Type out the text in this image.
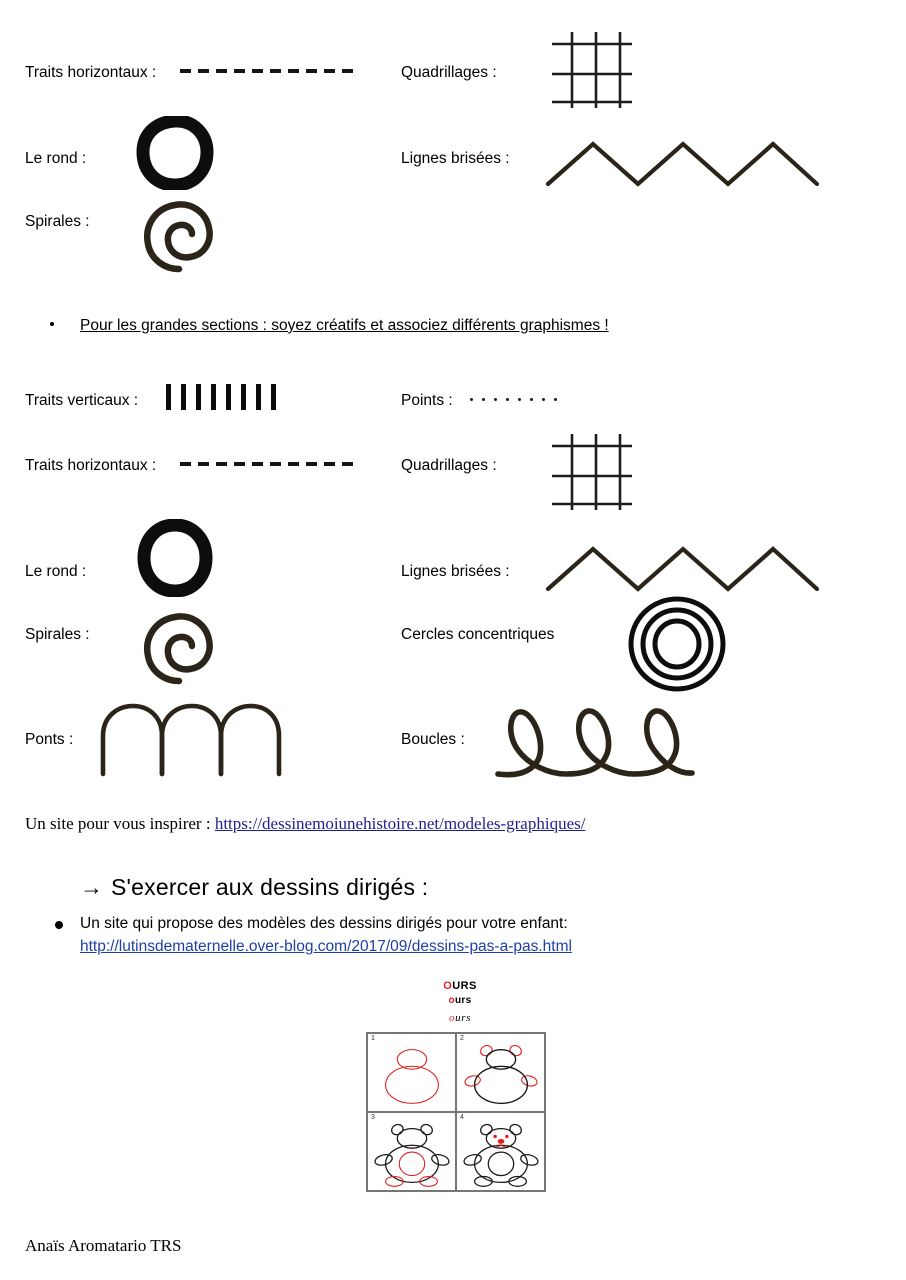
Traits horizontaux :	Quadrillages :
Le rond :	Lignes brisées :
Spirales :
Pour les grandes sections : soyez créatifs et associez différents graphismes !
Traits verticaux :	Points :
Traits horizontaux :	Quadrillages :
Le rond :	Lignes brisées :
Spirales :	Cercles concentriques
Ponts :	Boucles :
Un site pour vous inspirer : https://dessinemoiunehistoire.net/modeles-graphiques/
→ S'exercer aux dessins dirigés :
Un site qui propose des modèles des dessins dirigés pour votre enfant:
http://lutinsdematernelle.over-blog.com/2017/09/dessins-pas-a-pas.html
OURS
ours
ours
1	2
3	4
Anaïs Aromatario TRS
